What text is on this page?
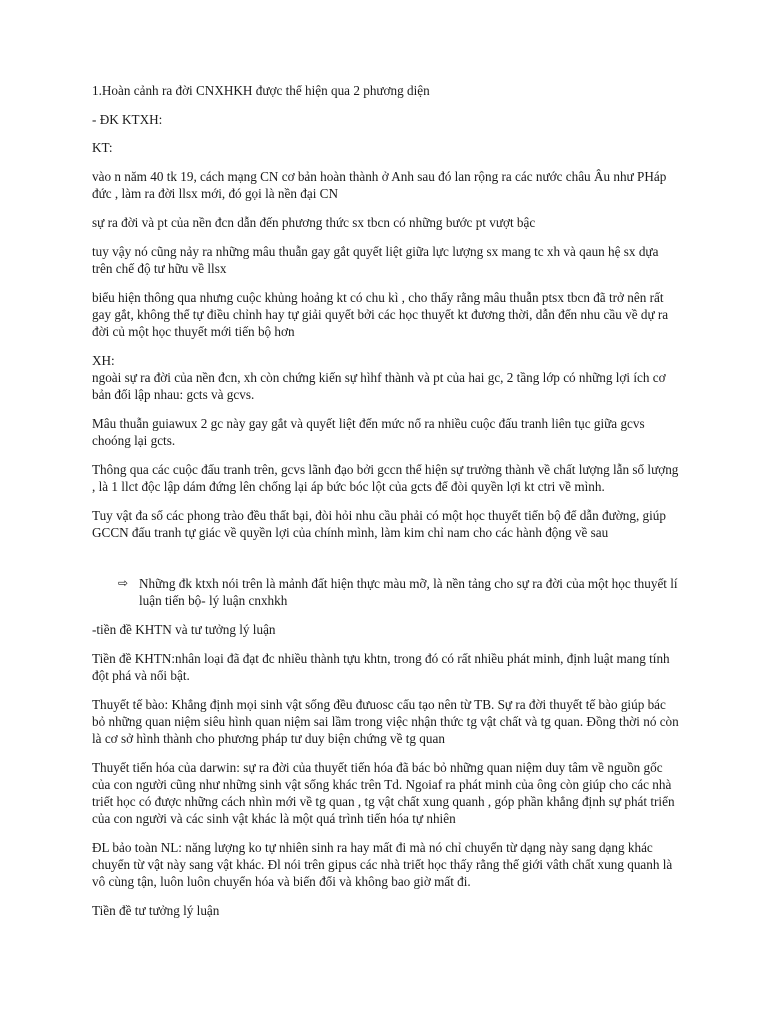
1.Hoàn cảnh ra đời CNXHKH được thể hiện qua 2 phương diện

- ĐK KTXH:

KT:

vào n năm 40 tk 19, cách mạng CN cơ bản hoàn thành ở Anh sau đó lan rộng ra các nước châu Âu như PHáp đức , làm ra đời llsx mới, đó gọi là nền đại CN

sự ra đời và pt của nền đcn dẫn đến phương thức sx tbcn có những bước pt vượt bậc

tuy vậy nó cũng nảy ra những mâu thuẫn gay gắt quyết liệt giữa lực lượng sx mang tc xh và qaun hệ sx dựa trên chế độ tư hữu về llsx

biểu hiện thông qua nhưng cuộc khủng hoảng kt có chu kì , cho thấy rằng mâu thuẫn ptsx tbcn đã trở nên rất gay gắt, không thể tự điều chỉnh hay tự giải quyết bởi các học thuyết kt đương thời, dẫn đến nhu cầu về dự ra đời củ một học thuyết mới tiến bộ hơn

XH:

ngoài sự ra đời của nền đcn, xh còn chứng kiến sự hìhf thành và pt của hai gc, 2 tầng lớp có những lợi ích cơ bản đối lập nhau: gcts và gcvs.

Mâu thuẫn guiawux 2 gc này gay gắt và quyết liệt đến mức nổ ra nhiều cuộc đấu tranh liên tục giữa gcvs choóng lại gcts.

Thông qua các cuộc đấu tranh trên, gcvs lãnh đạo bởi gccn thể hiện sự trưởng thành về chất lượng lẫn số lượng , là 1 llct độc lập dám đứng lên chống lại áp bức bóc lột của gcts để đòi quyền lợi kt ctri về mình.

Tuy vật đa số các phong trào đều thất bại, đòi hỏi nhu cầu phải có một học thuyết tiến bộ để dẫn đường, giúp GCCN đấu tranh tự giác về quyền lợi của chính mình, làm kim chỉ nam cho các hành động về sau

⇨ Những đk ktxh nói trên là mảnh đất hiện thực màu mỡ, là nền tảng cho sự ra đời của một học thuyết lí luận tiến bộ- lý luận cnxhkh

-tiền đề KHTN và tư tưởng lý luận

Tiền đề KHTN:nhân loại đã đạt đc nhiều thành tựu khtn, trong đó có rất nhiều phát minh, định luật mang tính đột phá và nổi bật.

Thuyết tế bào: Khẳng định mọi sinh vật sống đều đưuosc cấu tạo nên từ TB. Sự ra đời thuyết tế bào giúp bác bỏ những quan niệm siêu hình quan niệm sai lầm trong việc nhận thức tg vật chất và tg quan. Đồng thời nó còn là cơ sở hình thành cho phương pháp tư duy biện chứng về tg quan

Thuyết tiến hóa của darwin: sự ra đời của thuyết tiến hóa đã bác bỏ những quan niệm duy tâm về nguồn gốc của con người cũng như những sinh vật sống khác trên Td. Ngoiaf ra phát minh của ông còn giúp cho các nhà triết học có được những cách nhìn mới về tg quan , tg vật chất xung quanh , góp phần khẳng định sự phát triển của con người và các sinh vật khác là một quá trình tiến hóa tự nhiên

ĐL bảo toàn NL: năng lượng ko tự nhiên sinh ra hay mất đi mà nó chỉ chuyển từ dạng này sang dạng khác chuyển từ vật này sang vật khác. Đl nói trên gipus các nhà triết học thấy rằng thế giới vâth chất xung quanh là vô cùng tận, luôn luôn chuyển hóa và biến đổi và không bao giờ mất đi.

Tiền đề tư tưởng lý luận
